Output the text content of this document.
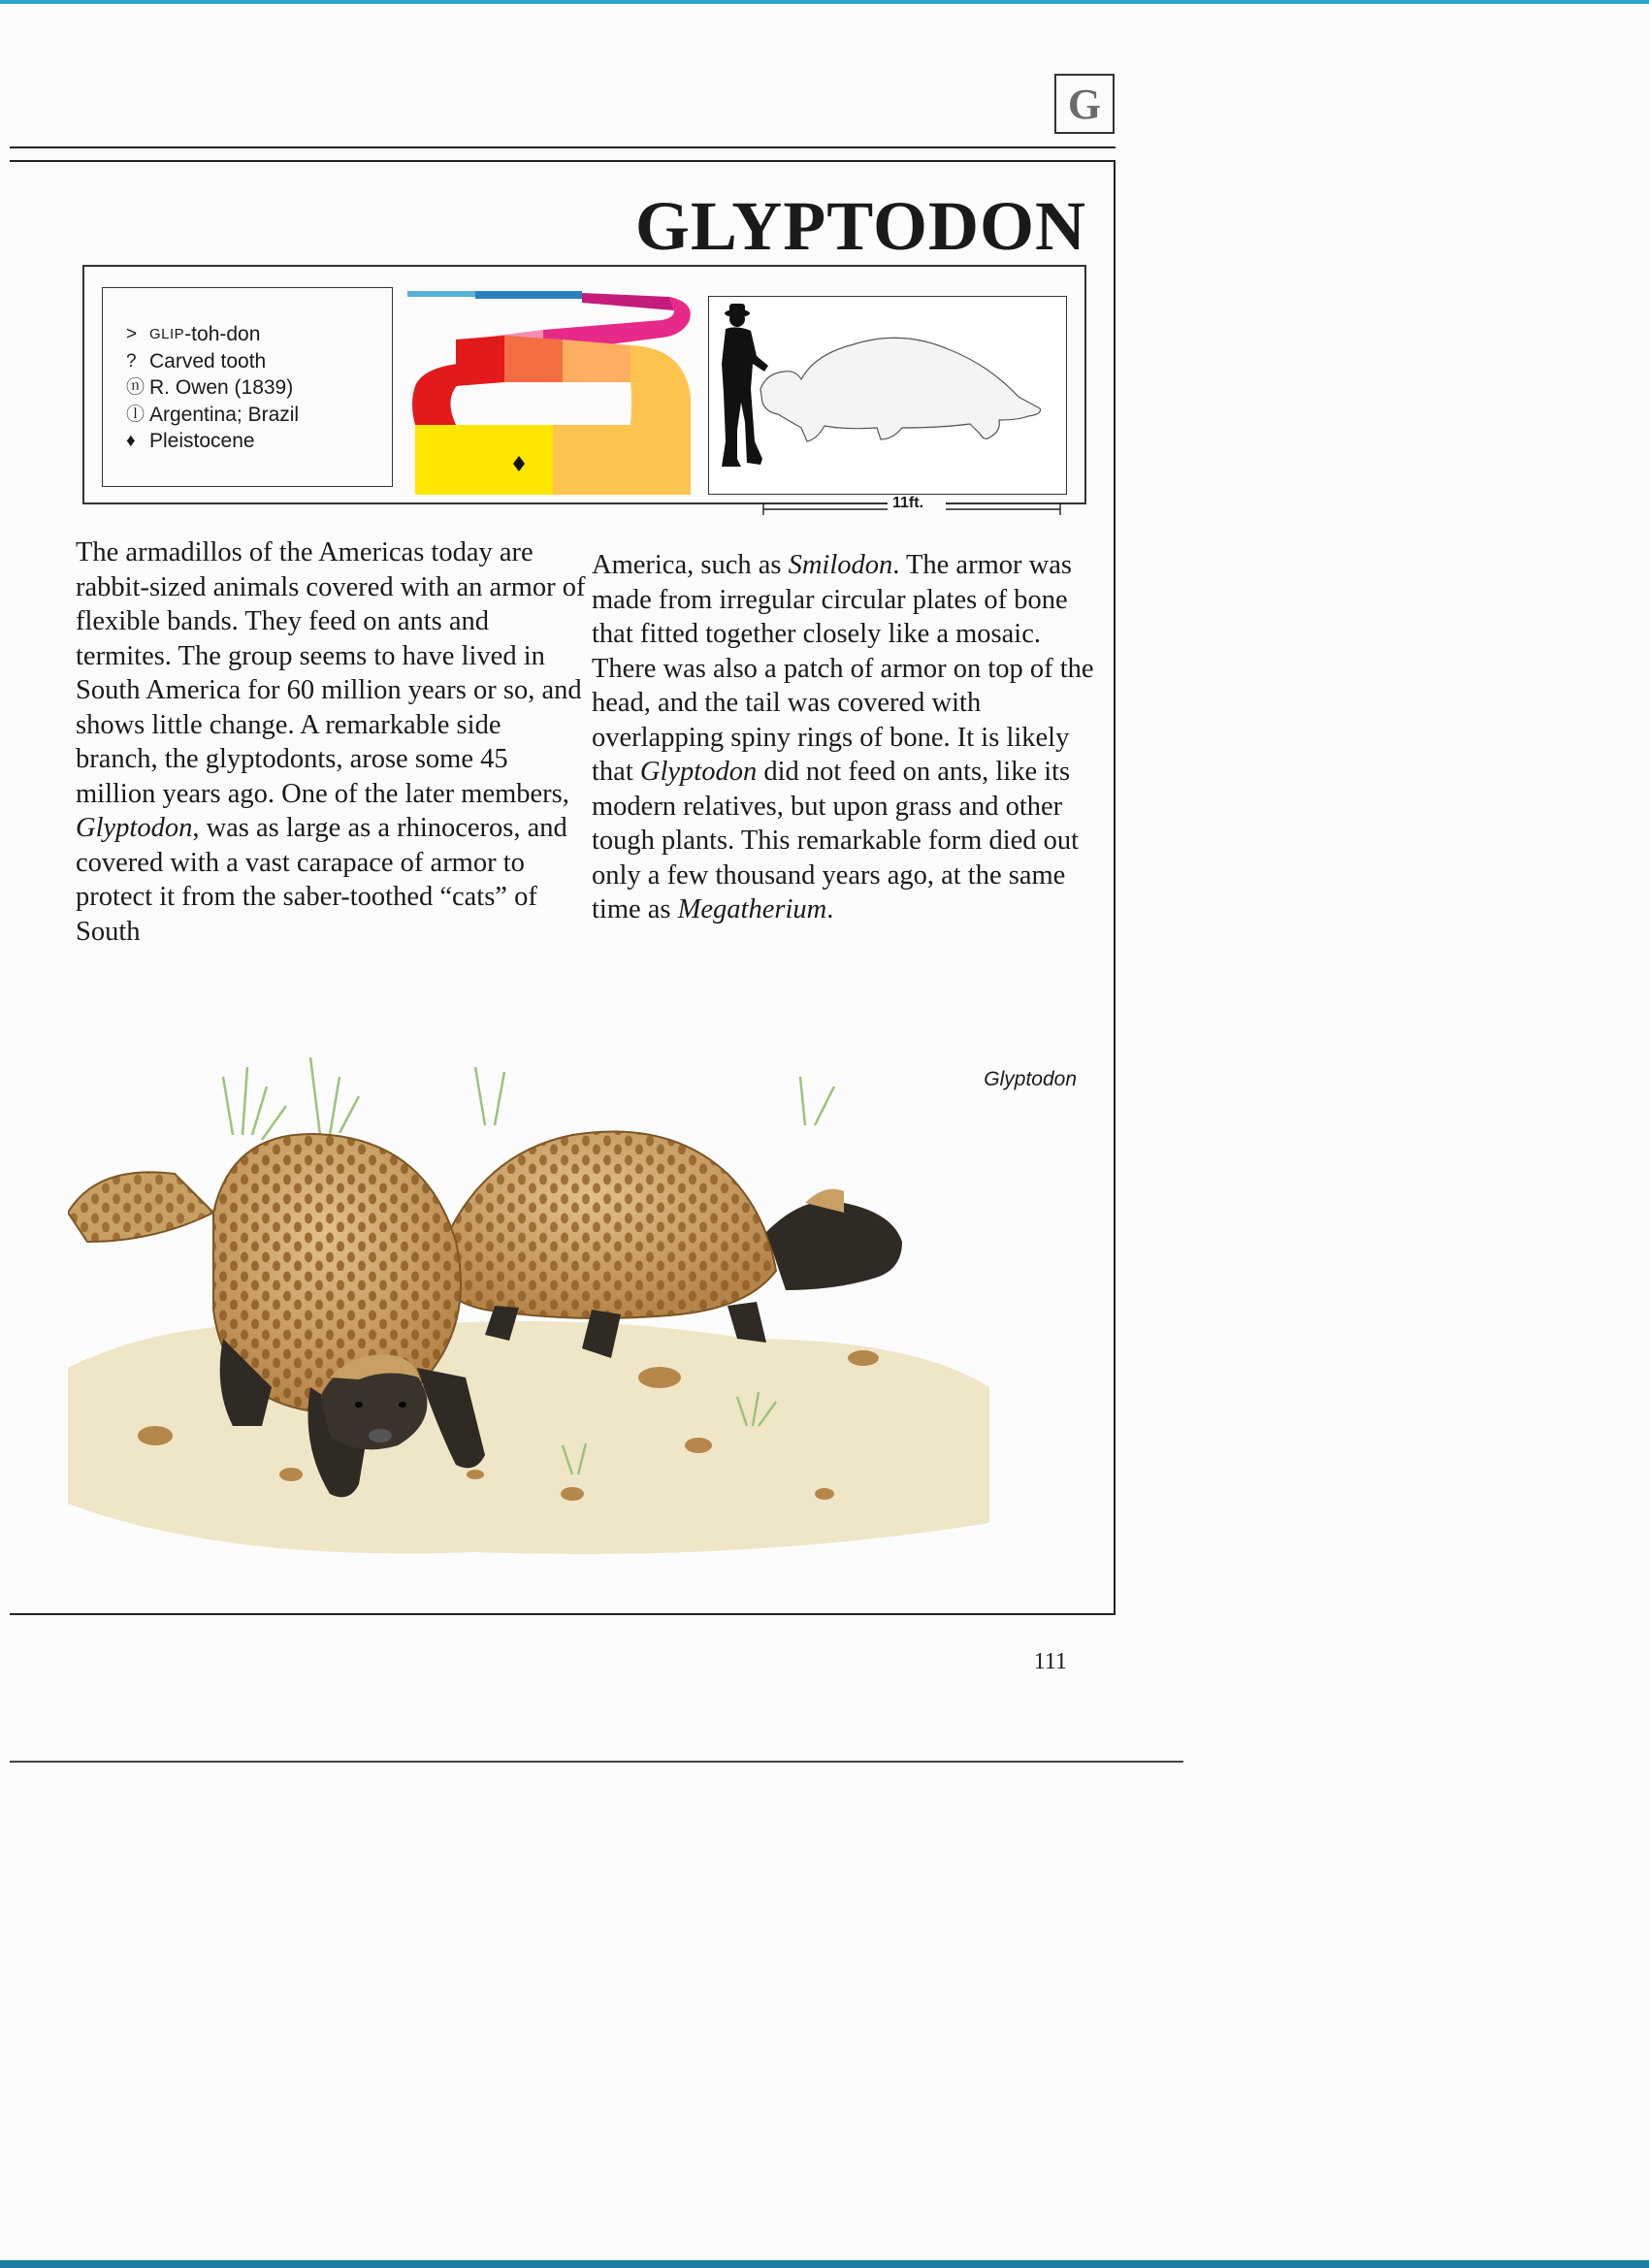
G
GLYPTODON
> GLIP -toh-don
? Carved tooth
ⓝ R. Owen (1839)
ⓛ Argentina; Brazil
♦ Pleistocene
11ft.

The armadillos of the Americas today are rabbit-sized animals covered with an armor of flexible bands. They feed on ants and termites. The group seems to have lived in South America for 60 million years or so, and shows little change. A remarkable side branch, the glyptodonts, arose some 45 million years ago. One of the later members, Glyptodon, was as large as a rhinoceros, and covered with a vast carapace of armor to protect it from the saber-toothed “cats” of South

America, such as Smilodon. The armor was made from irregular circular plates of bone that fitted together closely like a mosaic. There was also a patch of armor on top of the head, and the tail was covered with overlapping spiny rings of bone. It is likely that Glyptodon did not feed on ants, like its modern relatives, but upon grass and other tough plants. This remarkable form died out only a few thousand years ago, at the same time as Megatherium.

Glyptodon
111
